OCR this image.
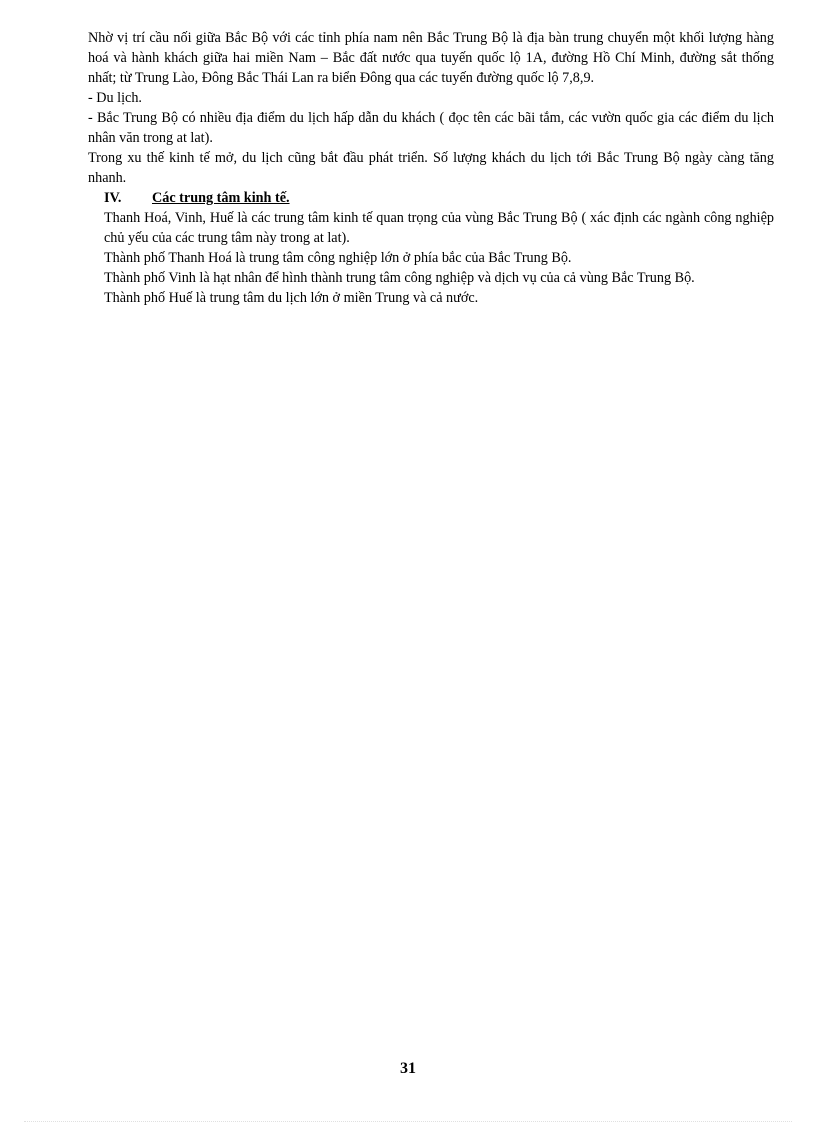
Nhờ vị trí cầu nối giữa Bắc Bộ với các tỉnh phía nam nên Bắc Trung Bộ là địa bàn trung chuyển một khối lượng hàng hoá và hành khách giữa hai miền Nam – Bắc đất nước qua tuyến quốc lộ 1A, đường Hồ Chí Minh, đường sắt thống nhất; từ Trung Lào, Đông Bắc Thái Lan ra biển Đông qua các tuyến đường quốc lộ 7,8,9.

- Du lịch.

- Bắc Trung Bộ có nhiều địa điểm du lịch hấp dẫn du khách ( đọc tên các bãi tắm, các vườn quốc gia các điểm du lịch nhân văn trong at lat).

Trong xu thế kinh tế mở, du lịch cũng bắt đầu phát triển. Số lượng khách du lịch tới Bắc Trung Bộ ngày càng tăng nhanh.

IV. Các trung tâm kinh tế.

Thanh Hoá, Vinh, Huế là các trung tâm kinh tế quan trọng của vùng Bắc Trung Bộ ( xác định các ngành công nghiệp chủ yếu của các trung tâm này trong at lat).

Thành phố Thanh Hoá là trung tâm công nghiệp lớn ở phía bắc của Bắc Trung Bộ.

Thành phố Vinh là hạt nhân để hình thành trung tâm công nghiệp và dịch vụ của cả vùng Bắc Trung Bộ.

Thành phố Huế là trung tâm du lịch lớn ở miền Trung và cả nước.

31
